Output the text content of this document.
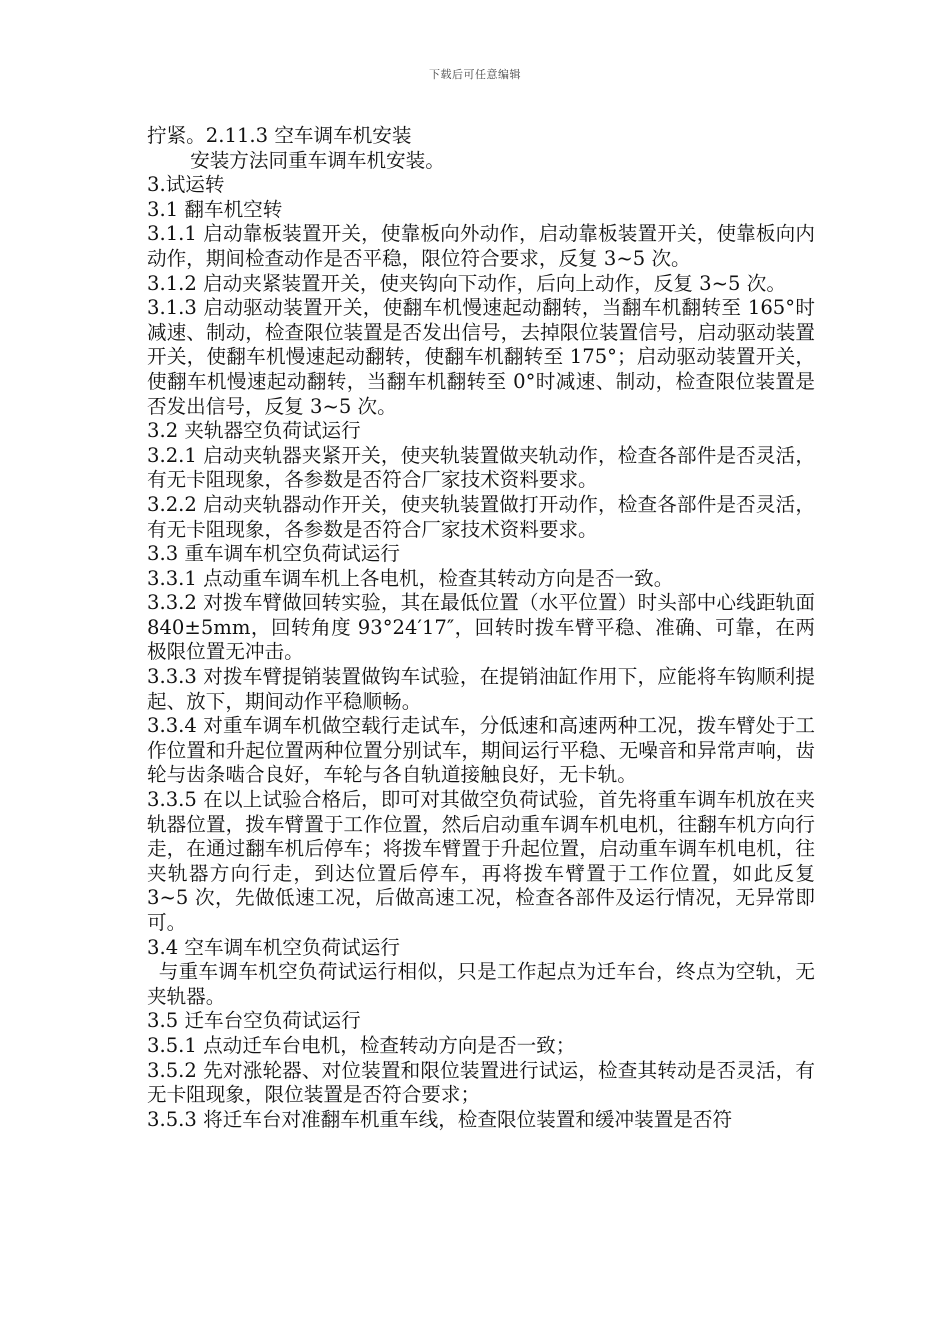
下载后可任意编辑

拧紧。2.11.3 空车调车机安装

安装方法同重车调车机安装。

3.试运转

3.1 翻车机空转

3.1.1 启动靠板装置开关，使靠板向外动作，启动靠板装置开关，使靠板向内动作，期间检查动作是否平稳，限位符合要求，反复 3~5 次。

3.1.2 启动夹紧装置开关，使夹钩向下动作，后向上动作，反复 3~5 次。

3.1.3 启动驱动装置开关，使翻车机慢速起动翻转，当翻车机翻转至 165°时减速、制动，检查限位装置是否发出信号，去掉限位装置信号，启动驱动装置开关，使翻车机慢速起动翻转，使翻车机翻转至 175°；启动驱动装置开关，使翻车机慢速起动翻转，当翻车机翻转至 0°时减速、制动，检查限位装置是否发出信号，反复 3~5 次。

3.2 夹轨器空负荷试运行

3.2.1 启动夹轨器夹紧开关，使夹轨装置做夹轨动作，检查各部件是否灵活，有无卡阻现象，各参数是否符合厂家技术资料要求。

3.2.2 启动夹轨器动作开关，使夹轨装置做打开动作，检查各部件是否灵活，有无卡阻现象，各参数是否符合厂家技术资料要求。

3.3 重车调车机空负荷试运行

3.3.1 点动重车调车机上各电机，检查其转动方向是否一致。

3.3.2 对拨车臂做回转实验，其在最低位置（水平位置）时头部中心线距轨面 840±5mm，回转角度 93°24′17″，回转时拨车臂平稳、准确、可靠，在两极限位置无冲击。

3.3.3 对拨车臂提销装置做钩车试验，在提销油缸作用下，应能将车钩顺利提起、放下，期间动作平稳顺畅。

3.3.4 对重车调车机做空载行走试车，分低速和高速两种工况，拨车臂处于工作位置和升起位置两种位置分别试车，期间运行平稳、无噪音和异常声响，齿轮与齿条啮合良好，车轮与各自轨道接触良好，无卡轨。

3.3.5 在以上试验合格后，即可对其做空负荷试验，首先将重车调车机放在夹轨器位置，拨车臂置于工作位置，然后启动重车调车机电机，往翻车机方向行走，在通过翻车机后停车；将拨车臂置于升起位置，启动重车调车机电机，往夹轨器方向行走，到达位置后停车，再将拨车臂置于工作位置，如此反复 3~5 次，先做低速工况，后做高速工况，检查各部件及运行情况，无异常即可。

3.4 空车调车机空负荷试运行

与重车调车机空负荷试运行相似，只是工作起点为迁车台，终点为空轨，无夹轨器。

3.5 迁车台空负荷试运行

3.5.1 点动迁车台电机，检查转动方向是否一致；

3.5.2 先对涨轮器、对位装置和限位装置进行试运，检查其转动是否灵活，有无卡阻现象，限位装置是否符合要求；

3.5.3 将迁车台对准翻车机重车线，检查限位装置和缓冲装置是否符
